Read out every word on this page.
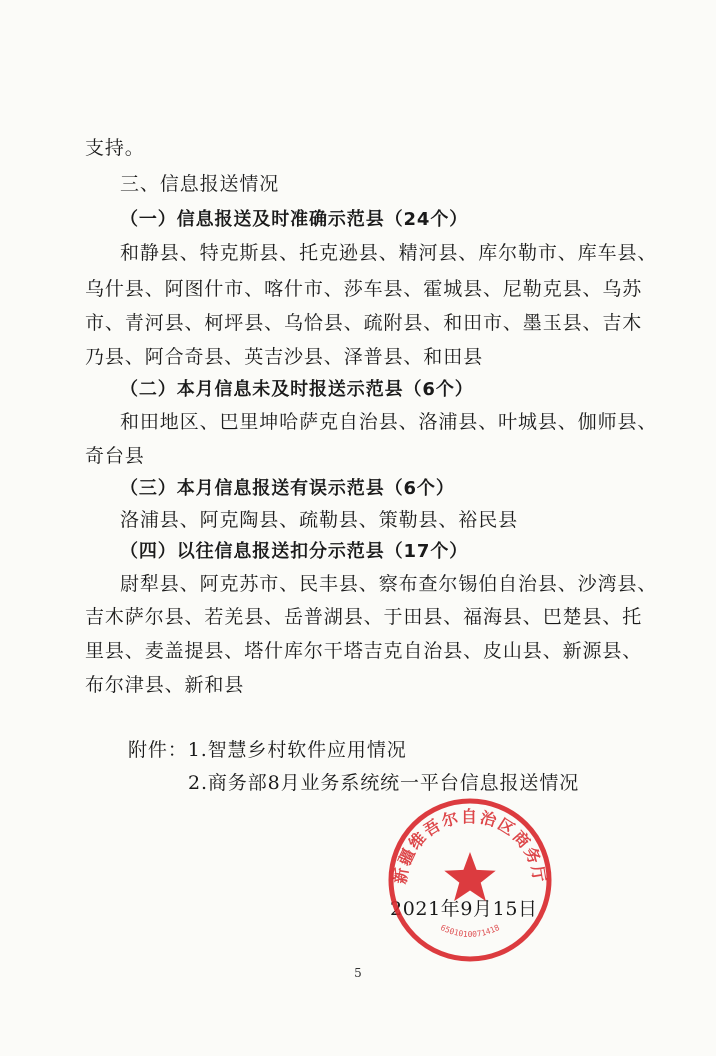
支持。
三、信息报送情况
（一）信息报送及时准确示范县（24个）
和静县、特克斯县、托克逊县、精河县、库尔勒市、库车县、
乌什县、阿图什市、喀什市、莎车县、霍城县、尼勒克县、乌苏
市、青河县、柯坪县、乌恰县、疏附县、和田市、墨玉县、吉木
乃县、阿合奇县、英吉沙县、泽普县、和田县
（二）本月信息未及时报送示范县（6个）
和田地区、巴里坤哈萨克自治县、洛浦县、叶城县、伽师县、
奇台县
（三）本月信息报送有误示范县（6个）
洛浦县、阿克陶县、疏勒县、策勒县、裕民县
（四）以往信息报送扣分示范县（17个）
尉犁县、阿克苏市、民丰县、察布查尔锡伯自治县、沙湾县、
吉木萨尔县、若羌县、岳普湖县、于田县、福海县、巴楚县、托
里县、麦盖提县、塔什库尔干塔吉克自治县、皮山县、新源县、
布尔津县、新和县
附件：1.智慧乡村软件应用情况
2.商务部8月业务系统统一平台信息报送情况
2021年9月15日
新疆维吾尔自治区商务厅
6501010071418
5
